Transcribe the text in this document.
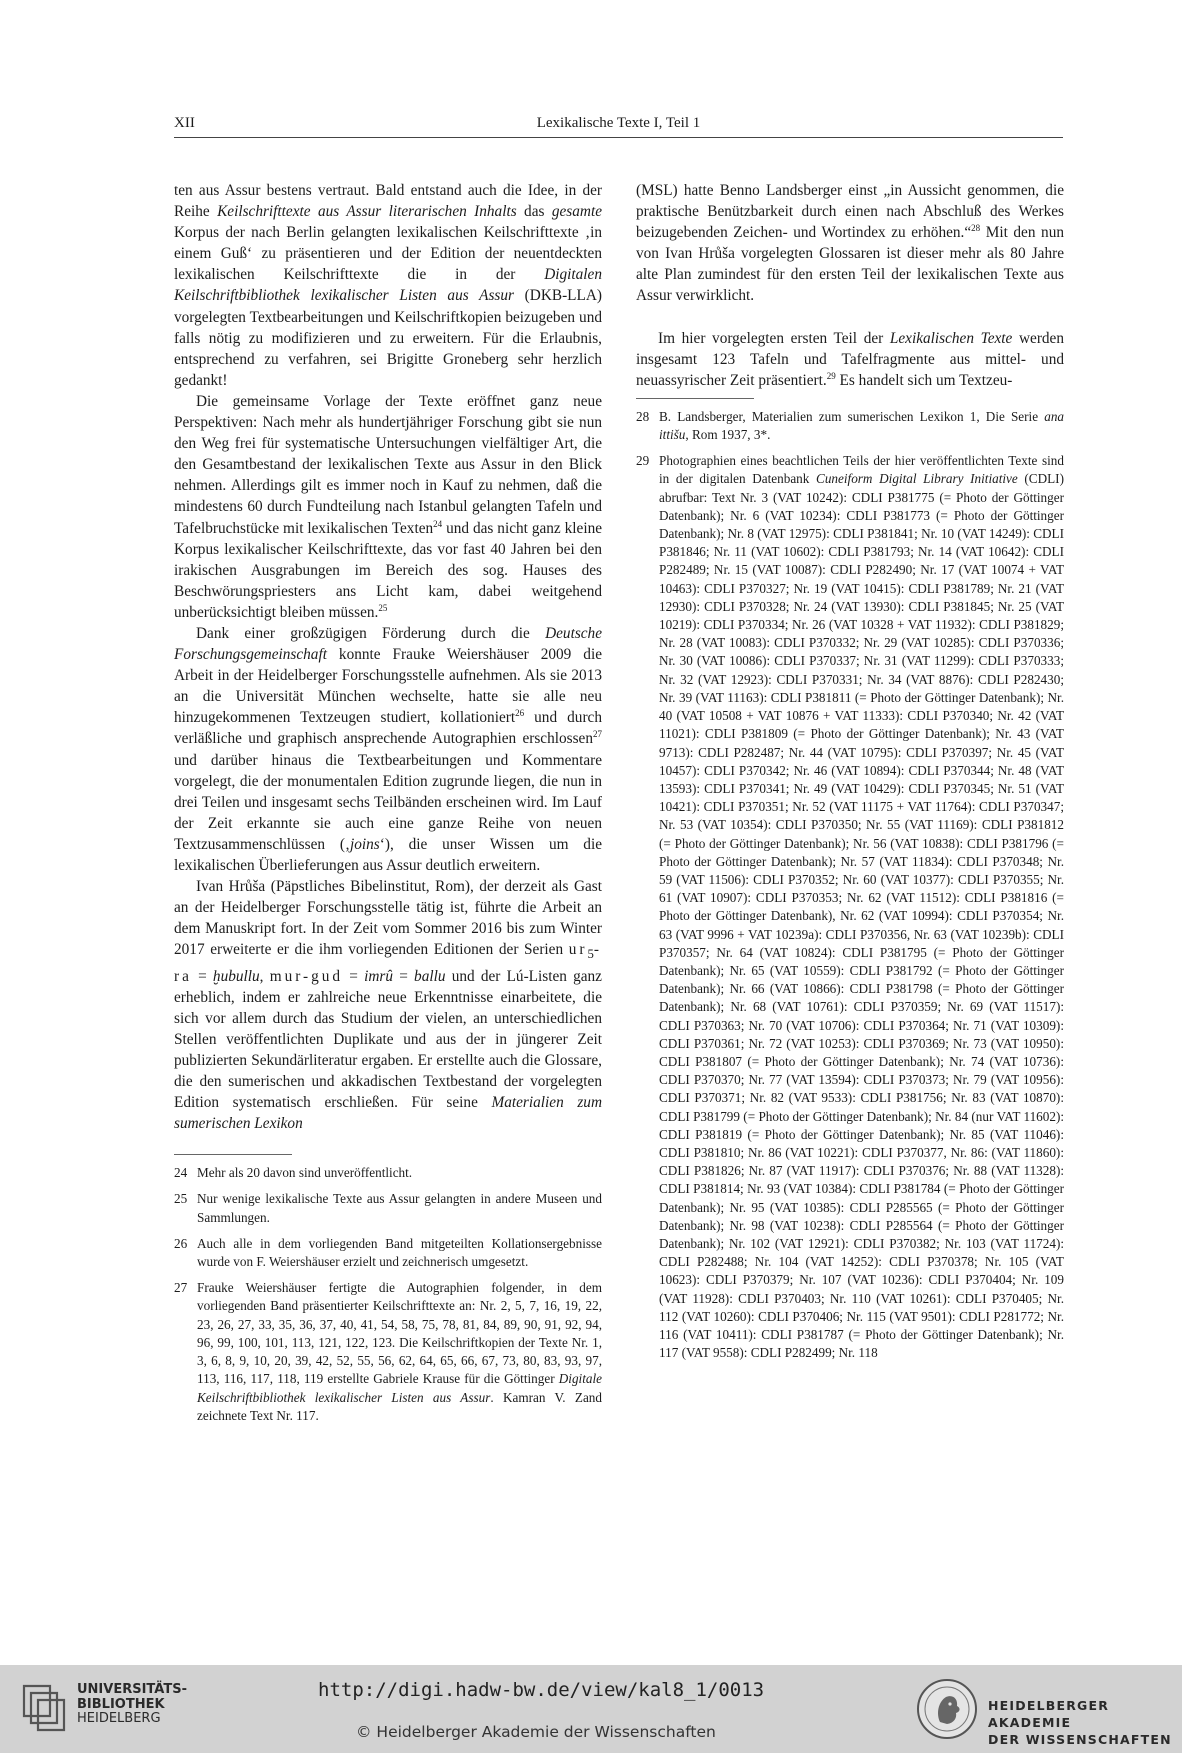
XII	Lexikalische Texte I, Teil 1

ten aus Assur bestens vertraut. Bald entstand auch die Idee, in der Reihe Keilschrifttexte aus Assur literarischen Inhalts das gesamte Korpus der nach Berlin gelangten lexikalischen Keilschrifttexte ‚in einem Guß‘ zu präsentieren und der Edition der neuentdeckten lexikalischen Keilschrifttexte die in der Digitalen Keilschriftbibliothek lexikalischer Listen aus Assur (DKB-LLA) vorgelegten Textbearbeitungen und Keilschriftkopien beizugeben und falls nötig zu modifizieren und zu erweitern. Für die Erlaubnis, entsprechend zu verfahren, sei Brigitte Groneberg sehr herzlich gedankt!

Die gemeinsame Vorlage der Texte eröffnet ganz neue Perspektiven: Nach mehr als hundertjähriger Forschung gibt sie nun den Weg frei für systematische Untersuchungen vielfältiger Art, die den Gesamtbestand der lexikalischen Texte aus Assur in den Blick nehmen. Allerdings gilt es immer noch in Kauf zu nehmen, daß die mindestens 60 durch Fundteilung nach Istanbul gelangten Tafeln und Tafelbruchstücke mit lexikalischen Texten$^{24}$ und das nicht ganz kleine Korpus lexikalischer Keilschrifttexte, das vor fast 40 Jahren bei den irakischen Ausgrabungen im Bereich des sog. Hauses des Beschwörungspriesters ans Licht kam, dabei weitgehend unberücksichtigt bleiben müssen.$^{25}$

Dank einer großzügigen Förderung durch die Deutsche Forschungsgemeinschaft konnte Frauke Weiershäuser 2009 die Arbeit in der Heidelberger Forschungsstelle aufnehmen. Als sie 2013 an die Universität München wechselte, hatte sie alle neu hinzugekommenen Textzeugen studiert, kollationiert$^{26}$ und durch verläßliche und graphisch ansprechende Autographien erschlossen$^{27}$ und darüber hinaus die Textbearbeitungen und Kommentare vorgelegt, die der monumentalen Edition zugrunde liegen, die nun in drei Teilen und insgesamt sechs Teilbänden erscheinen wird. Im Lauf der Zeit erkannte sie auch eine ganze Reihe von neuen Textzusammenschlüssen (‚joins‘), die unser Wissen um die lexikalischen Überlieferungen aus Assur deutlich erweitern.

Ivan Hrůša (Päpstliches Bibelinstitut, Rom), der derzeit als Gast an der Heidelberger Forschungsstelle tätig ist, führte die Arbeit an dem Manuskript fort. In der Zeit vom Sommer 2016 bis zum Winter 2017 erweiterte er die ihm vorliegenden Editionen der Serien $ur_5-ra$ = ḫubullu, mur-gud = imrû = ballu und der Lú-Listen ganz erheblich, indem er zahlreiche neue Erkenntnisse einarbeitete, die sich vor allem durch das Studium der vielen, an unterschiedlichen Stellen veröffentlichten Duplikate und aus der in jüngerer Zeit publizierten Sekundärliteratur ergaben. Er erstellte auch die Glossare, die den sumerischen und akkadischen Textbestand der vorgelegten Edition systematisch erschließen. Für seine Materialien zum sumerischen Lexikon

24 Mehr als 20 davon sind unveröffentlicht.
25 Nur wenige lexikalische Texte aus Assur gelangten in andere Museen und Sammlungen.
26 Auch alle in dem vorliegenden Band mitgeteilten Kollationsergebnisse wurde von F. Weiershäuser erzielt und zeichnerisch umgesetzt.
27 Frauke Weiershäuser fertigte die Autographien folgender, in dem vorliegenden Band präsentierter Keilschrifttexte an: Nr. 2, 5, 7, 16, 19, 22, 23, 26, 27, 33, 35, 36, 37, 40, 41, 54, 58, 75, 78, 81, 84, 89, 90, 91, 92, 94, 96, 99, 100, 101, 113, 121, 122, 123. Die Keilschriftkopien der Texte Nr. 1, 3, 6, 8, 9, 10, 20, 39, 42, 52, 55, 56, 62, 64, 65, 66, 67, 73, 80, 83, 93, 97, 113, 116, 117, 118, 119 erstellte Gabriele Krause für die Göttinger Digitale Keilschriftbibliothek lexikalischer Listen aus Assur. Kamran V. Zand zeichnete Text Nr. 117.

(MSL) hatte Benno Landsberger einst „in Aussicht genommen, die praktische Benützbarkeit durch einen nach Abschluß des Werkes beizugebenden Zeichen- und Wortindex zu erhöhen.“$^{28}$ Mit den nun von Ivan Hrůša vorgelegten Glossaren ist dieser mehr als 80 Jahre alte Plan zumindest für den ersten Teil der lexikalischen Texte aus Assur verwirklicht.

Im hier vorgelegten ersten Teil der Lexikalischen Texte werden insgesamt 123 Tafeln und Tafelfragmente aus mittel- und neuassyrischer Zeit präsentiert.$^{29}$ Es handelt sich um Textzeu-

28 B. Landsberger, Materialien zum sumerischen Lexikon 1, Die Serie ana ittišu, Rom 1937, 3*.
29 Photographien eines beachtlichen Teils der hier veröffentlichten Texte sind in der digitalen Datenbank Cuneiform Digital Library Initiative (CDLI) abrufbar: Text Nr. 3 (VAT 10242): CDLI P381775 (= Photo der Göttinger Datenbank); Nr. 6 (VAT 10234): CDLI P381773 (= Photo der Göttinger Datenbank); Nr. 8 (VAT 12975): CDLI P381841; Nr. 10 (VAT 14249): CDLI P381846; Nr. 11 (VAT 10602): CDLI P381793; Nr. 14 (VAT 10642): CDLI P282489; Nr. 15 (VAT 10087): CDLI P282490; Nr. 17 (VAT 10074 + VAT 10463): CDLI P370327; Nr. 19 (VAT 10415): CDLI P381789; Nr. 21 (VAT 12930): CDLI P370328; Nr. 24 (VAT 13930): CDLI P381845; Nr. 25 (VAT 10219): CDLI P370334; Nr. 26 (VAT 10328 + VAT 11932): CDLI P381829; Nr. 28 (VAT 10083): CDLI P370332; Nr. 29 (VAT 10285): CDLI P370336; Nr. 30 (VAT 10086): CDLI P370337; Nr. 31 (VAT 11299): CDLI P370333; Nr. 32 (VAT 12923): CDLI P370331; Nr. 34 (VAT 8876): CDLI P282430; Nr. 39 (VAT 11163): CDLI P381811 (= Photo der Göttinger Datenbank); Nr. 40 (VAT 10508 + VAT 10876 + VAT 11333): CDLI P370340; Nr. 42 (VAT 11021): CDLI P381809 (= Photo der Göttinger Datenbank); Nr. 43 (VAT 9713): CDLI P282487; Nr. 44 (VAT 10795): CDLI P370397; Nr. 45 (VAT 10457): CDLI P370342; Nr. 46 (VAT 10894): CDLI P370344; Nr. 48 (VAT 13593): CDLI P370341; Nr. 49 (VAT 10429): CDLI P370345; Nr. 51 (VAT 10421): CDLI P370351; Nr. 52 (VAT 11175 + VAT 11764): CDLI P370347; Nr. 53 (VAT 10354): CDLI P370350; Nr. 55 (VAT 11169): CDLI P381812 (= Photo der Göttinger Datenbank); Nr. 56 (VAT 10838): CDLI P381796 (= Photo der Göttinger Datenbank); Nr. 57 (VAT 11834): CDLI P370348; Nr. 59 (VAT 11506): CDLI P370352; Nr. 60 (VAT 10377): CDLI P370355; Nr. 61 (VAT 10907): CDLI P370353; Nr. 62 (VAT 11512): CDLI P381816 (= Photo der Göttinger Datenbank), Nr. 62 (VAT 10994): CDLI P370354; Nr. 63 (VAT 9996 + VAT 10239a): CDLI P370356, Nr. 63 (VAT 10239b): CDLI P370357; Nr. 64 (VAT 10824): CDLI P381795 (= Photo der Göttinger Datenbank); Nr. 65 (VAT 10559): CDLI P381792 (= Photo der Göttinger Datenbank); Nr. 66 (VAT 10866): CDLI P381798 (= Photo der Göttinger Datenbank); Nr. 68 (VAT 10761): CDLI P370359; Nr. 69 (VAT 11517): CDLI P370363; Nr. 70 (VAT 10706): CDLI P370364; Nr. 71 (VAT 10309): CDLI P370361; Nr. 72 (VAT 10253): CDLI P370369; Nr. 73 (VAT 10950): CDLI P381807 (= Photo der Göttinger Datenbank); Nr. 74 (VAT 10736): CDLI P370370; Nr. 77 (VAT 13594): CDLI P370373; Nr. 79 (VAT 10956): CDLI P370371; Nr. 82 (VAT 9533): CDLI P381756; Nr. 83 (VAT 10870): CDLI P381799 (= Photo der Göttinger Datenbank); Nr. 84 (nur VAT 11602): CDLI P381819 (= Photo der Göttinger Datenbank); Nr. 85 (VAT 11046): CDLI P381810; Nr. 86 (VAT 10221): CDLI P370377, Nr. 86: (VAT 11860): CDLI P381826; Nr. 87 (VAT 11917): CDLI P370376; Nr. 88 (VAT 11328): CDLI P381814; Nr. 93 (VAT 10384): CDLI P381784 (= Photo der Göttinger Datenbank); Nr. 95 (VAT 10385): CDLI P285565 (= Photo der Göttinger Datenbank); Nr. 98 (VAT 10238): CDLI P285564 (= Photo der Göttinger Datenbank); Nr. 102 (VAT 12921): CDLI P370382; Nr. 103 (VAT 11724): CDLI P282488; Nr. 104 (VAT 14252): CDLI P370378; Nr. 105 (VAT 10623): CDLI P370379; Nr. 107 (VAT 10236): CDLI P370404; Nr. 109 (VAT 11928): CDLI P370403; Nr. 110 (VAT 10261): CDLI P370405; Nr. 112 (VAT 10260): CDLI P370406; Nr. 115 (VAT 9501): CDLI P281772; Nr. 116 (VAT 10411): CDLI P381787 (= Photo der Göttinger Datenbank); Nr. 117 (VAT 9558): CDLI P282499; Nr. 118
UNIVERSITÄTS-
BIBLIOTHEK
HEIDELBERG
http://digi.hadw-bw.de/view/kal8_1/0013
© Heidelberger Akademie der Wissenschaften
HEIDELBERGER AKADEMIE
DER WISSENSCHAFTEN
